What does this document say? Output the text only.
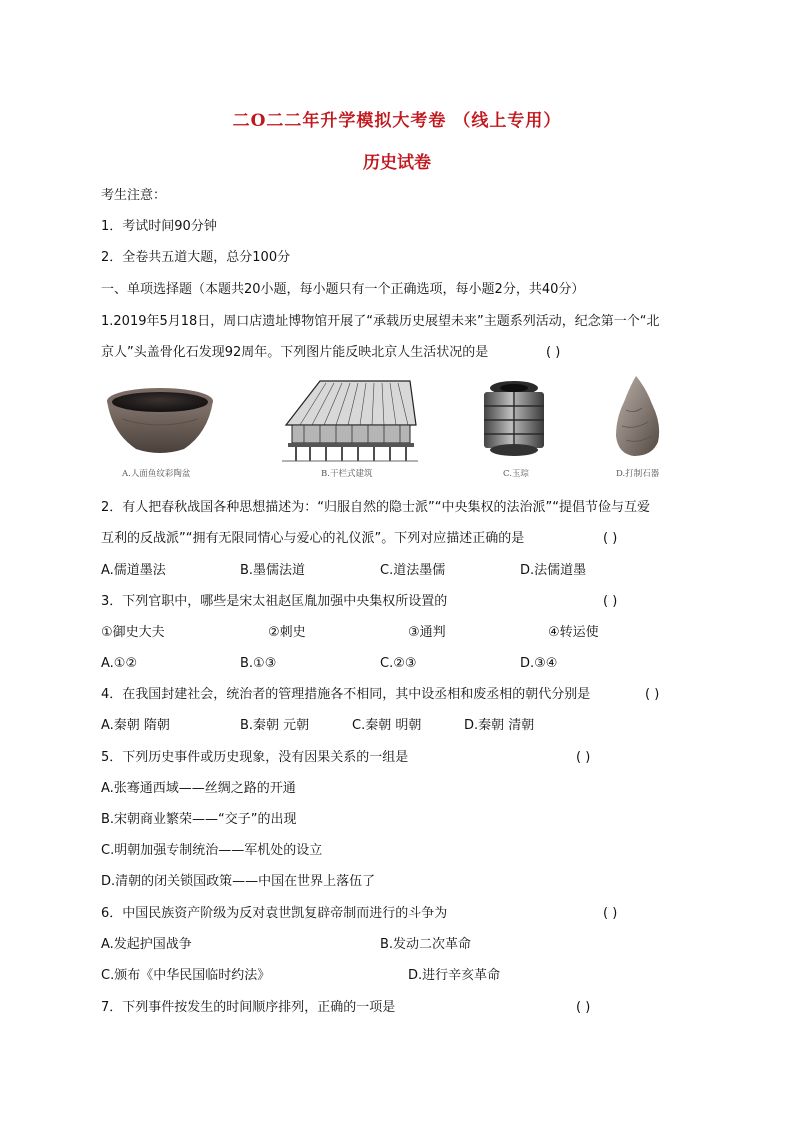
二O二二年升学模拟大考卷 （线上专用）
历史试卷
考生注意：
1．考试时间90分钟
2．全卷共五道大题，总分100分
一、单项选择题（本题共20小题，每小题只有一个正确选项，每小题2分，共40分）
1.2019年5月18日，周口店遗址博物馆开展了“承载历史展望未来”主题系列活动，纪念第一个“北
京人”头盖骨化石发现92周年。下列图片能反映北京人生活状况的是	( )
A.人面鱼纹彩陶盆	B.干栏式建筑	C.玉琮	D.打制石器
2．有人把春秋战国各种思想描述为：“归服自然的隐士派”“中央集权的法治派”“提倡节俭与互爱
互利的反战派”“拥有无限同情心与爱心的礼仪派”。下列对应描述正确的是	( )
A.儒道墨法	B.墨儒法道	C.道法墨儒	D.法儒道墨
3．下列官职中，哪些是宋太祖赵匡胤加强中央集权所设置的	( )
①御史大夫	②刺史	③通判	④转运使
A.①②	B.①③	C.②③	D.③④
4．在我国封建社会，统治者的管理措施各不相同，其中设丞相和废丞相的朝代分别是	( )
A.秦朝 隋朝	B.秦朝 元朝	C.秦朝 明朝	D.秦朝 清朝
5．下列历史事件或历史现象，没有因果关系的一组是	( )
A.张骞通西域——丝绸之路的开通
B.宋朝商业繁荣——“交子”的出现
C.明朝加强专制统治——军机处的设立
D.清朝的闭关锁国政策——中国在世界上落伍了
6．中国民族资产阶级为反对袁世凯复辟帝制而进行的斗争为	( )
A.发起护国战争	B.发动二次革命
C.颁布《中华民国临时约法》	D.进行辛亥革命
7．下列事件按发生的时间顺序排列，正确的一项是	( )
